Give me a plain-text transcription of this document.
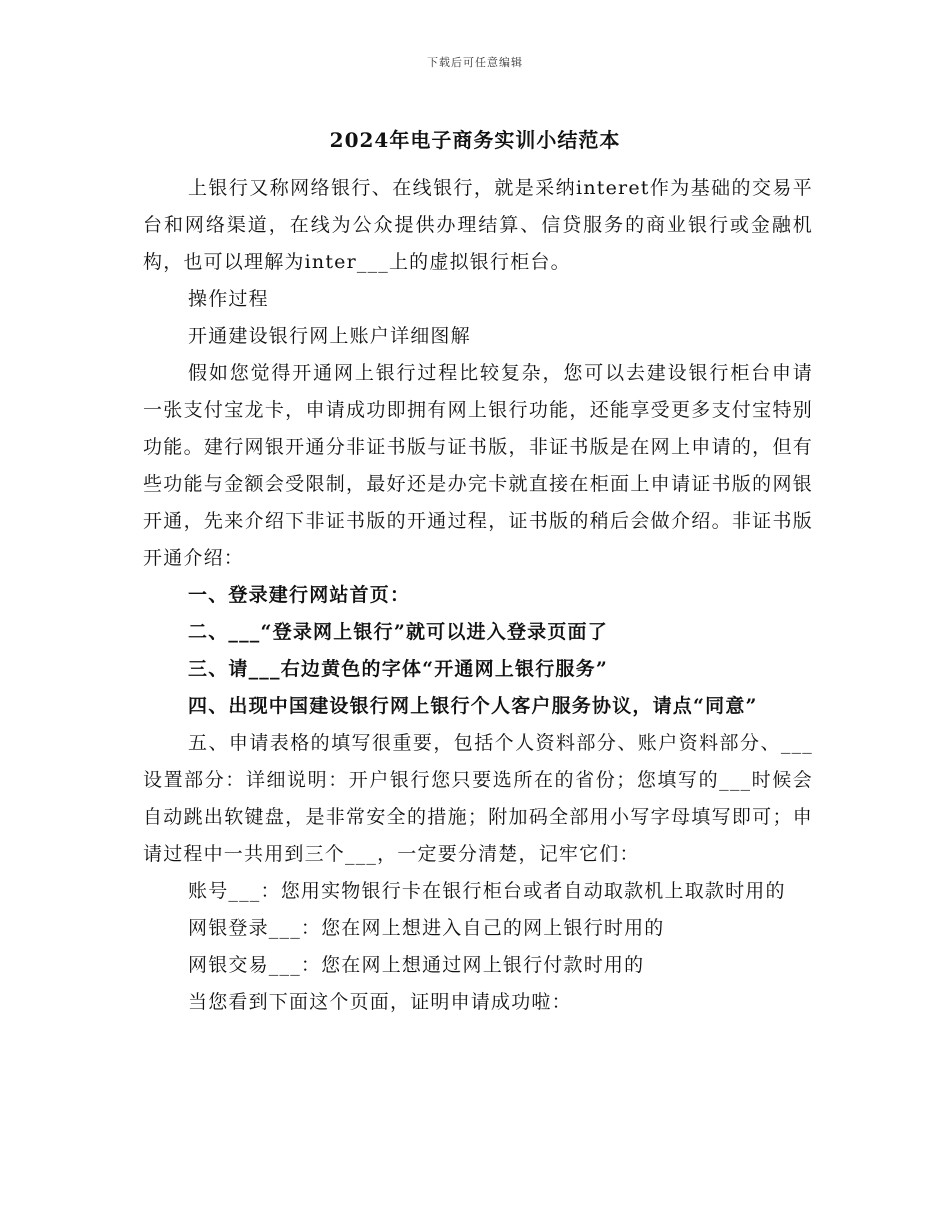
下载后可任意编辑
2024年电子商务实训小结范本

上银行又称网络银行、在线银行，就是采纳interet作为基础的交易平台和网络渠道，在线为公众提供办理结算、信贷服务的商业银行或金融机构，也可以理解为inter___上的虚拟银行柜台。

操作过程

开通建设银行网上账户详细图解

假如您觉得开通网上银行过程比较复杂，您可以去建设银行柜台申请一张支付宝龙卡，申请成功即拥有网上银行功能，还能享受更多支付宝特别功能。建行网银开通分非证书版与证书版，非证书版是在网上申请的，但有些功能与金额会受限制，最好还是办完卡就直接在柜面上申请证书版的网银开通，先来介绍下非证书版的开通过程，证书版的稍后会做介绍。非证书版开通介绍：

一、登录建行网站首页：

二、___“登录网上银行”就可以进入登录页面了

三、请___右边黄色的字体“开通网上银行服务”

四、出现中国建设银行网上银行个人客户服务协议，请点“同意”

五、申请表格的填写很重要，包括个人资料部分、账户资料部分、___设置部分：详细说明：开户银行您只要选所在的省份；您填写的___时候会自动跳出软键盘，是非常安全的措施；附加码全部用小写字母填写即可；申请过程中一共用到三个___，一定要分清楚，记牢它们：

账号___：您用实物银行卡在银行柜台或者自动取款机上取款时用的

网银登录___：您在网上想进入自己的网上银行时用的

网银交易___：您在网上想通过网上银行付款时用的

当您看到下面这个页面，证明申请成功啦：
